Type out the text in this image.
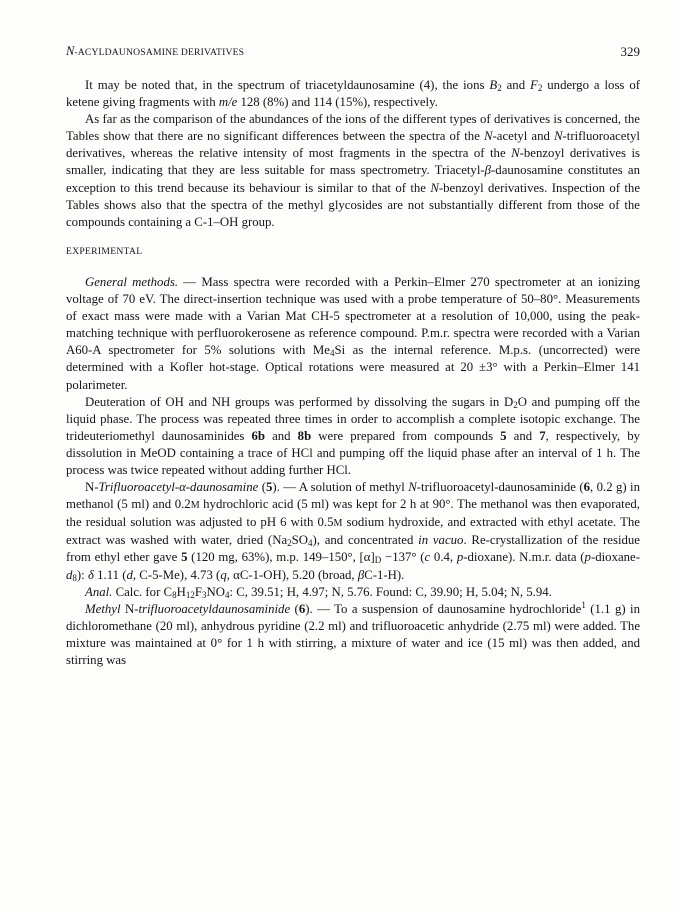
N-ACYLDAUNOSAMINE DERIVATIVES	329

It may be noted that, in the spectrum of triacetyldaunosamine (4), the ions $B_2$ and $F_2$ undergo a loss of ketene giving fragments with m/e 128 (8%) and 114 (15%), respectively.

As far as the comparison of the abundances of the ions of the different types of derivatives is concerned, the Tables show that there are no significant differences between the spectra of the N-acetyl and N-trifluoroacetyl derivatives, whereas the relative intensity of most fragments in the spectra of the N-benzoyl derivatives is smaller, indicating that they are less suitable for mass spectrometry. Triacetyl-β-daunosamine constitutes an exception to this trend because its behaviour is similar to that of the N-benzoyl derivatives. Inspection of the Tables shows also that the spectra of the methyl glycosides are not substantially different from those of the compounds containing a C-1–OH group.

EXPERIMENTAL

General methods. — Mass spectra were recorded with a Perkin–Elmer 270 spectrometer at an ionizing voltage of 70 eV. The direct-insertion technique was used with a probe temperature of 50–80°. Measurements of exact mass were made with a Varian Mat CH-5 spectrometer at a resolution of 10,000, using the peak-matching technique with perfluorokerosene as reference compound. P.m.r. spectra were recorded with a Varian A60-A spectrometer for 5% solutions with $Me_4Si$ as the internal reference. M.p.s. (uncorrected) were determined with a Kofler hot-stage. Optical rotations were measured at 20 ±3° with a Perkin–Elmer 141 polarimeter.

Deuteration of OH and NH groups was performed by dissolving the sugars in $D_2O$ and pumping off the liquid phase. The process was repeated three times in order to accomplish a complete isotopic exchange. The trideuteriomethyl daunosaminides 6b and 8b were prepared from compounds 5 and 7, respectively, by dissolution in MeOD containing a trace of HCl and pumping off the liquid phase after an interval of 1 h. The process was twice repeated without adding further HCl.

N-Trifluoroacetyl-α-daunosamine (5). — A solution of methyl N-trifluoroacetyl-daunosaminide (6, 0.2 g) in methanol (5 ml) and 0.2M hydrochloric acid (5 ml) was kept for 2 h at 90°. The methanol was then evaporated, the residual solution was adjusted to pH 6 with 0.5M sodium hydroxide, and extracted with ethyl acetate. The extract was washed with water, dried $(Na_2SO_4)$, and concentrated in vacuo. Re-crystallization of the residue from ethyl ether gave 5 (120 mg, 63%), m.p. 149–150°, $[\alpha]_D -137^\circ$ (c 0.4, p-dioxane). N.m.r. data $(p-dioxane-d_8)$: δ 1.11 (d, C-5-Me), 4.73 (q, αC-1-OH), 5.20 (broad, βC-1-H).

Anal. Calc. for $C_8H_{12}F_3NO_4$: C, 39.51; H, 4.97; N, 5.76. Found: C, 39.90; H, 5.04; N, 5.94.

Methyl N-trifluoroacetyldaunosaminide (6). — To a suspension of daunosamine hydrochloride$^1$ (1.1 g) in dichloromethane (20 ml), anhydrous pyridine (2.2 ml) and trifluoroacetic anhydride (2.75 ml) were added. The mixture was maintained at 0° for 1 h with stirring, a mixture of water and ice (15 ml) was then added, and stirring was
